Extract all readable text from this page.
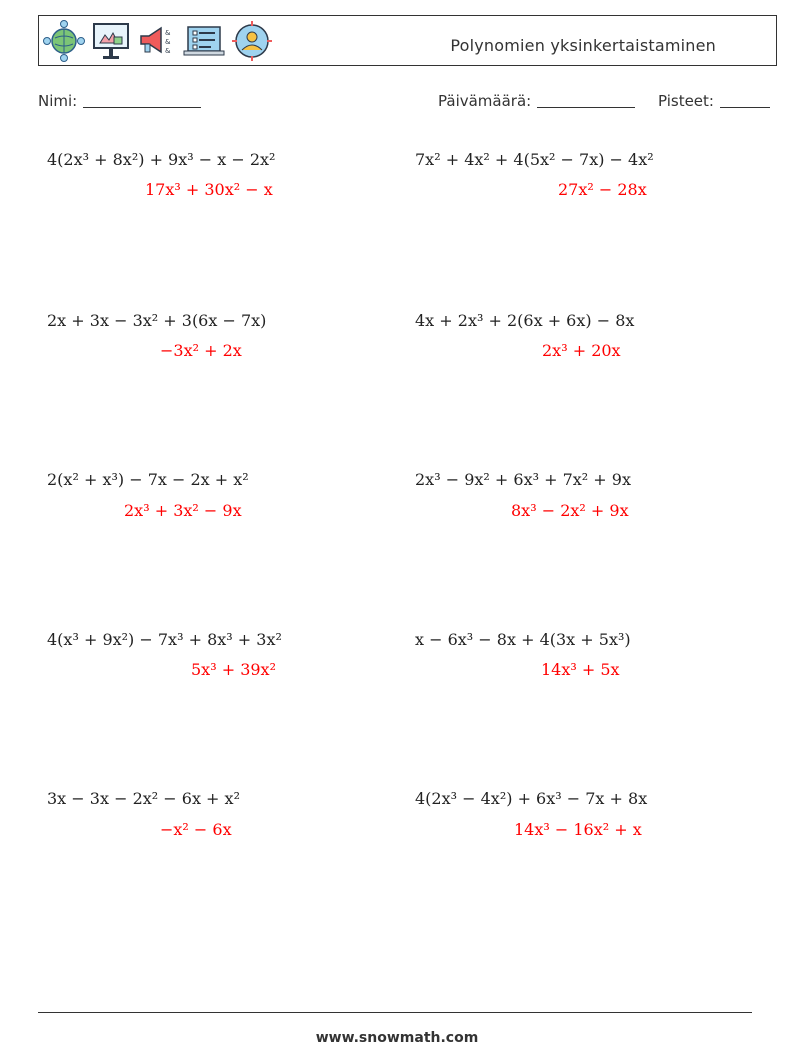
&
&
&	Polynomien yksinkertaistaminen
Nimi:	Päivämäärä:	Pisteet:
4(2x³ + 8x²) + 9x³ − x − 2x²
17x³ + 30x² − x
7x² + 4x² + 4(5x² − 7x) − 4x²
27x² − 28x
2x + 3x − 3x² + 3(6x − 7x)
−3x² + 2x
4x + 2x³ + 2(6x + 6x) − 8x
2x³ + 20x
2(x² + x³) − 7x − 2x + x²
2x³ + 3x² − 9x
2x³ − 9x² + 6x³ + 7x² + 9x
8x³ − 2x² + 9x
4(x³ + 9x²) − 7x³ + 8x³ + 3x²
5x³ + 39x²
x − 6x³ − 8x + 4(3x + 5x³)
14x³ + 5x
3x − 3x − 2x² − 6x + x²
−x² − 6x
4(2x³ − 4x²) + 6x³ − 7x + 8x
14x³ − 16x² + x
www.snowmath.com
